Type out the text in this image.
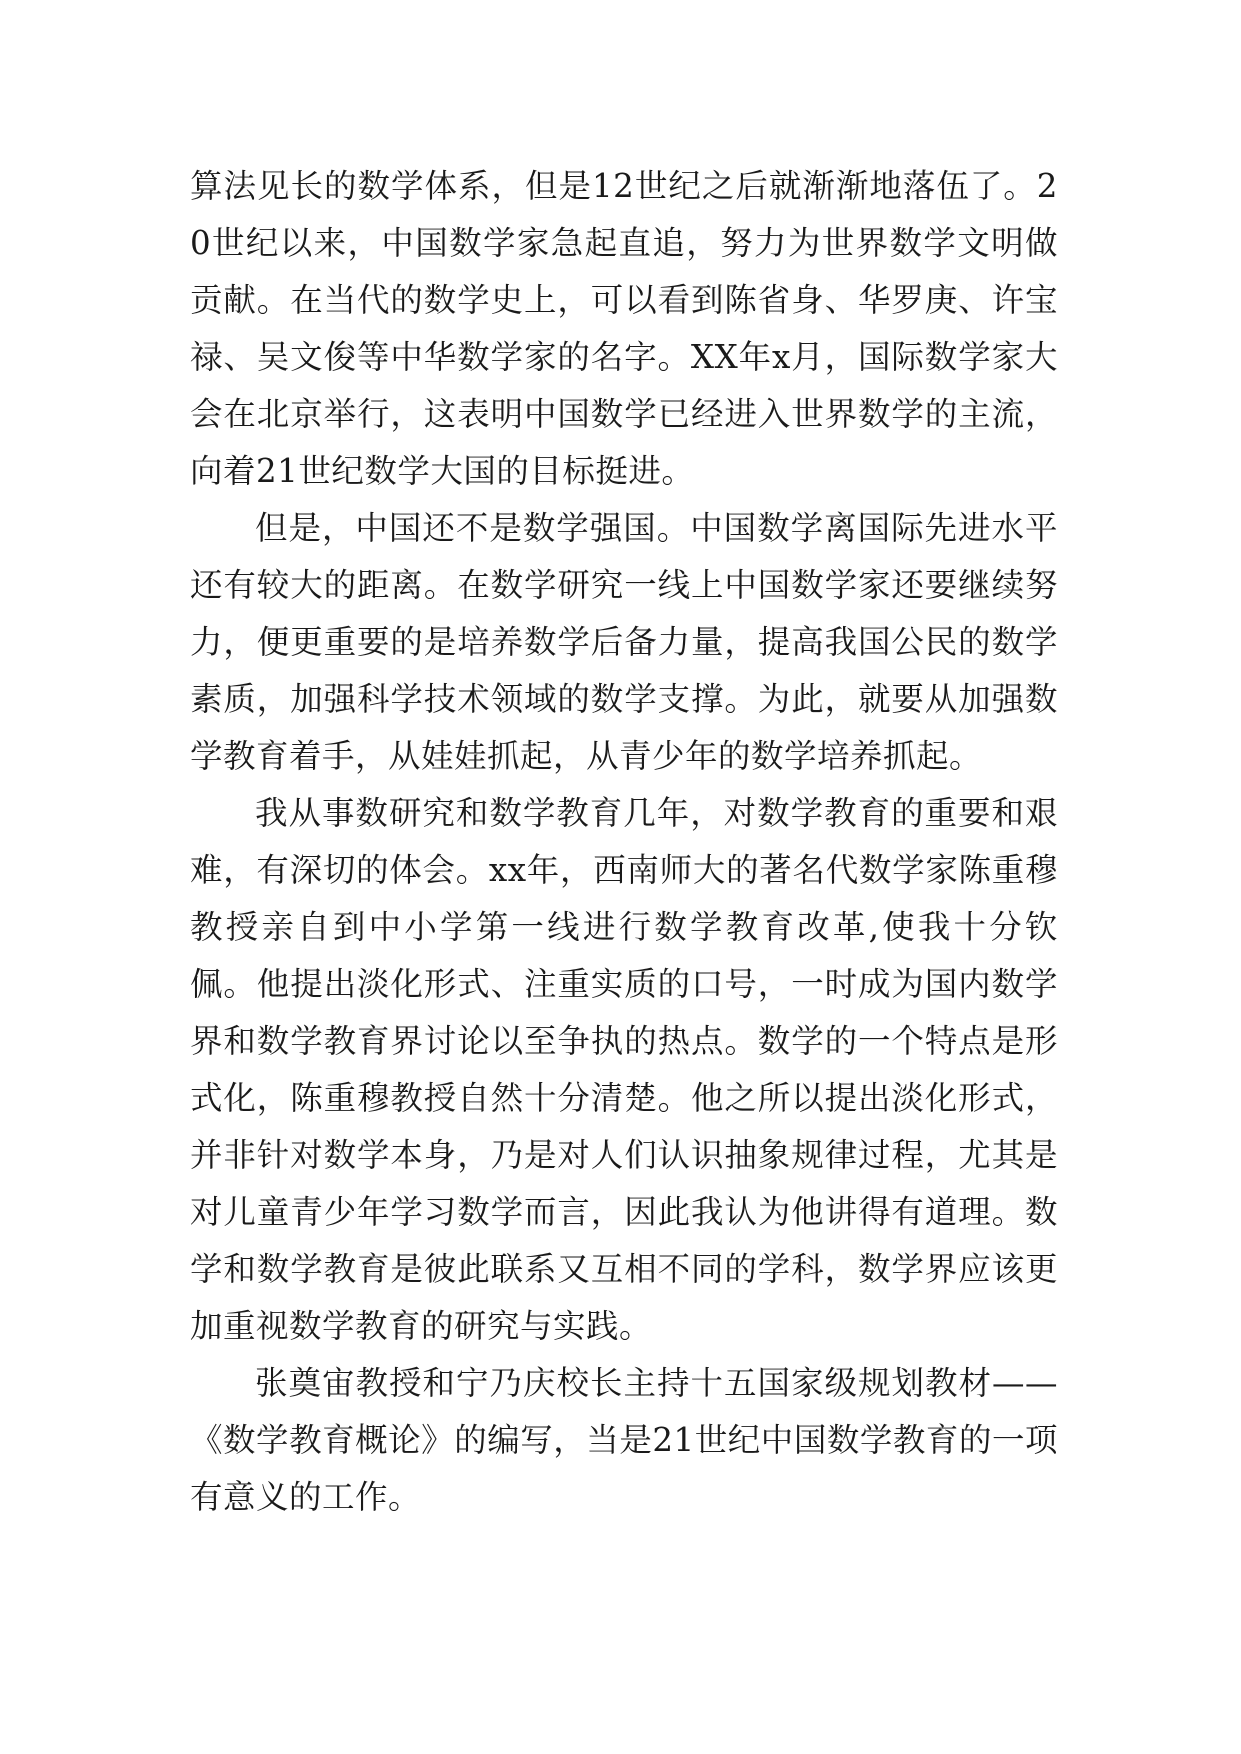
算法见长的数学体系，但是12世纪之后就渐渐地落伍了。20世纪以来，中国数学家急起直追，努力为世界数学文明做贡献。在当代的数学史上，可以看到陈省身、华罗庚、许宝禄、吴文俊等中华数学家的名字。XX年x月，国际数学家大会在北京举行，这表明中国数学已经进入世界数学的主流，向着21世纪数学大国的目标挺进。

但是，中国还不是数学强国。中国数学离国际先进水平还有较大的距离。在数学研究一线上中国数学家还要继续努力，便更重要的是培养数学后备力量，提高我国公民的数学素质，加强科学技术领域的数学支撑。为此，就要从加强数学教育着手，从娃娃抓起，从青少年的数学培养抓起。

我从事数研究和数学教育几年，对数学教育的重要和艰难，有深切的体会。xx年，西南师大的著名代数学家陈重穆教授亲自到中小学第一线进行数学教育改革,使我十分钦佩。他提出淡化形式、注重实质的口号，一时成为国内数学界和数学教育界讨论以至争执的热点。数学的一个特点是形式化，陈重穆教授自然十分清楚。他之所以提出淡化形式，并非针对数学本身，乃是对人们认识抽象规律过程，尤其是对儿童青少年学习数学而言，因此我认为他讲得有道理。数学和数学教育是彼此联系又互相不同的学科，数学界应该更加重视数学教育的研究与实践。

张奠宙教授和宁乃庆校长主持十五国家级规划教材——《数学教育概论》的编写，当是21世纪中国数学教育的一项有意义的工作。
